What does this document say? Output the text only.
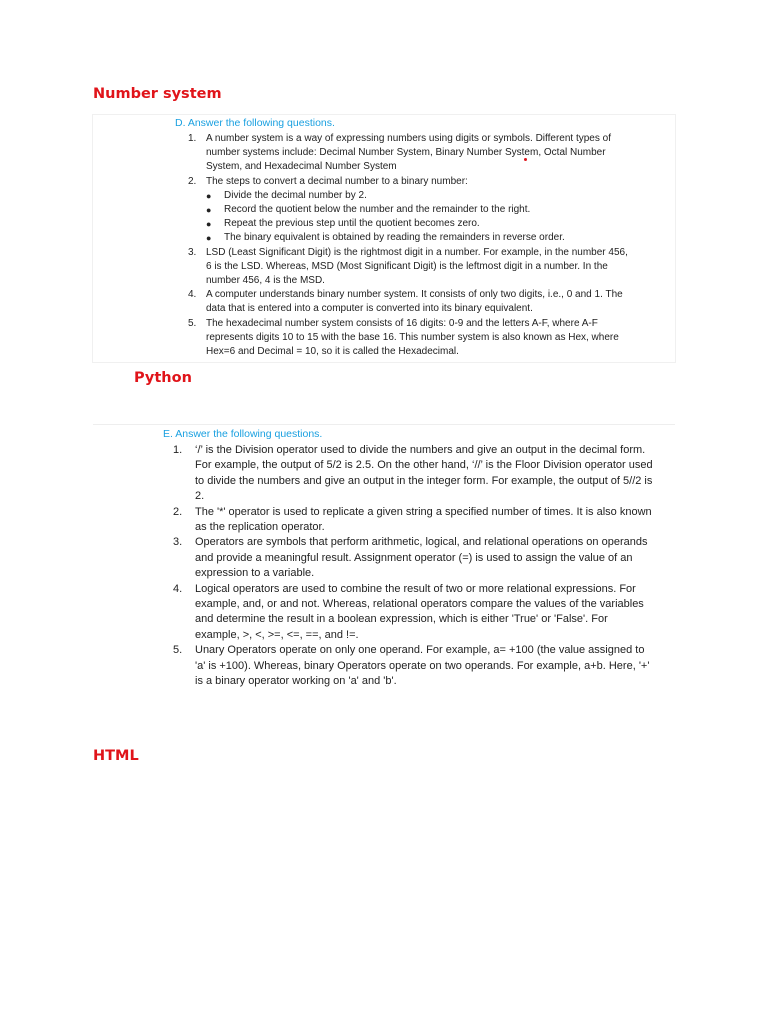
Number system
D. Answer the following questions.
1. A number system is a way of expressing numbers using digits or symbols. Different types of number systems include: Decimal Number System, Binary Number System, Octal Number System, and Hexadecimal Number System
2. The steps to convert a decimal number to a binary number:
● Divide the decimal number by 2.
● Record the quotient below the number and the remainder to the right.
● Repeat the previous step until the quotient becomes zero.
● The binary equivalent is obtained by reading the remainders in reverse order.
3. LSD (Least Significant Digit) is the rightmost digit in a number. For example, in the number 456, 6 is the LSD. Whereas, MSD (Most Significant Digit) is the leftmost digit in a number. In the number 456, 4 is the MSD.
4. A computer understands binary number system. It consists of only two digits, i.e., 0 and 1. The data that is entered into a computer is converted into its binary equivalent.
5. The hexadecimal number system consists of 16 digits: 0-9 and the letters A-F, where A-F represents digits 10 to 15 with the base 16. This number system is also known as Hex, where Hex=6 and Decimal = 10, so it is called the Hexadecimal.
Python
E. Answer the following questions.
1. ‘/’ is the Division operator used to divide the numbers and give an output in the decimal form. For example, the output of 5/2 is 2.5. On the other hand, ‘//’ is the Floor Division operator used to divide the numbers and give an output in the integer form. For example, the output of 5//2 is 2.
2. The '*' operator is used to replicate a given string a specified number of times. It is also known as the replication operator.
3. Operators are symbols that perform arithmetic, logical, and relational operations on operands and provide a meaningful result. Assignment operator (=) is used to assign the value of an expression to a variable.
4. Logical operators are used to combine the result of two or more relational expressions. For example, and, or and not. Whereas, relational operators compare the values of the variables and determine the result in a boolean expression, which is either 'True' or 'False'. For example, >, <, >=, <=, ==, and !=.
5. Unary Operators operate on only one operand. For example, a= +100 (the value assigned to 'a' is +100). Whereas, binary Operators operate on two operands. For example, a+b. Here, '+' is a binary operator working on 'a' and 'b'.
HTML
